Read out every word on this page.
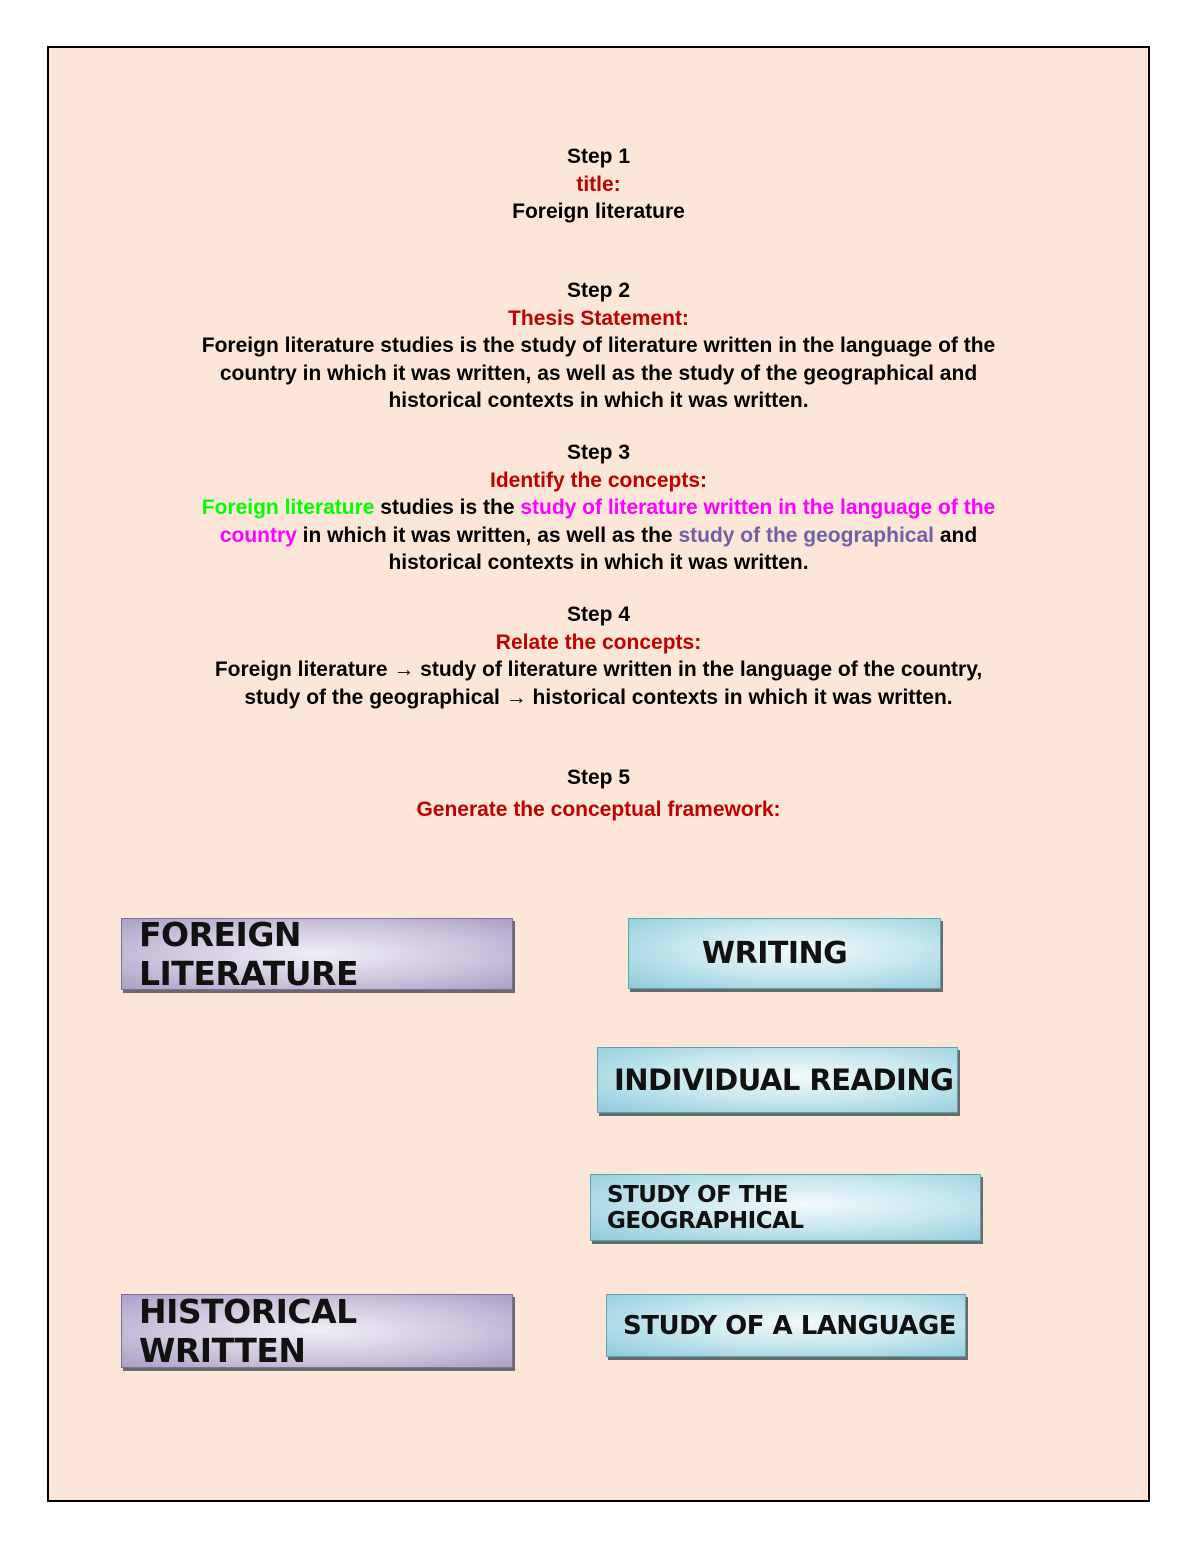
Step 1
title:
Foreign literature
Step 2
Thesis Statement:
Foreign literature studies is the study of literature written in the language of the
country in which it was written, as well as the study of the geographical and
historical contexts in which it was written.
Step 3
Identify the concepts:
Foreign literature studies is the study of literature written in the language of the
country in which it was written, as well as the study of the geographical and
historical contexts in which it was written.
Step 4
Relate the concepts:
Foreign literature → study of literature written in the language of the country,
study of the geographical → historical contexts in which it was written.
Step 5
Generate the conceptual framework:
FOREIGN LITERATURE
HISTORICAL WRITTEN
WRITING
INDIVIDUAL READING
STUDY OF THE GEOGRAPHICAL
STUDY OF A LANGUAGE
